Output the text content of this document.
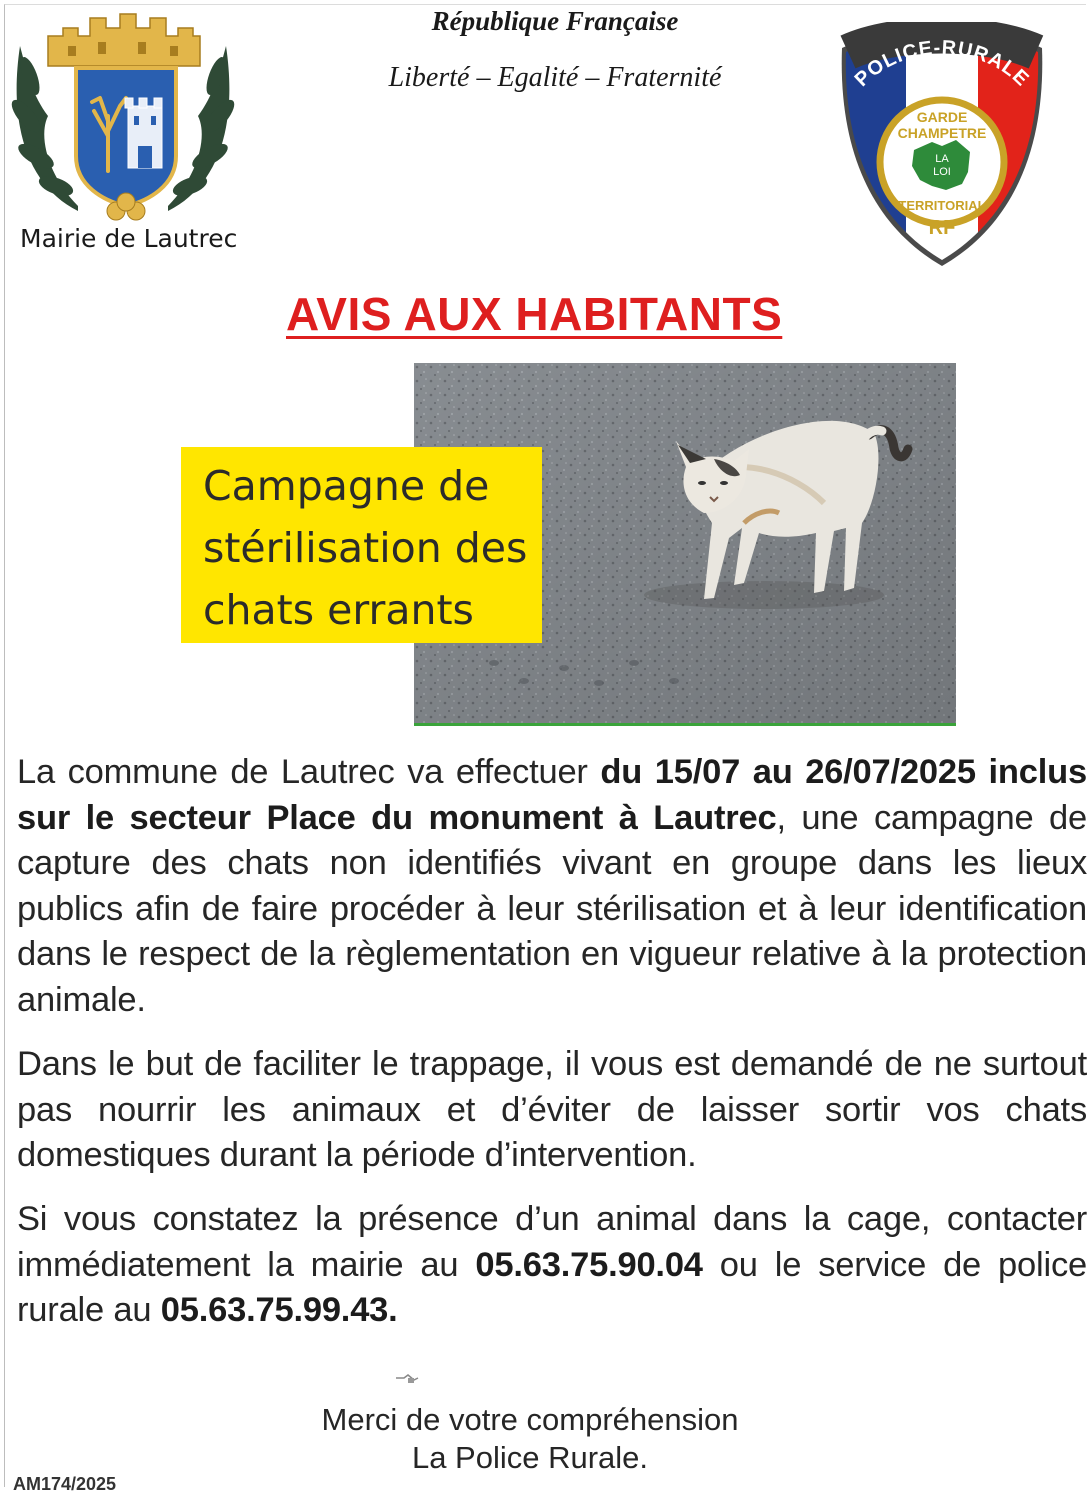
République Française
Liberté – Egalité – Fraternité
Mairie de Lautrec
POLICE-RURALE
GARDE
CHAMPETRE
LA
LOI
TERRITORIAL
RF
AVIS AUX HABITANTS
Campagne de
stérilisation des
chats errants
La commune de Lautrec va effectuer du 15/07 au 26/07/2025 inclus sur le secteur Place du monument à Lautrec, une campagne de capture des chats non identifiés vivant en groupe dans les lieux publics afin de faire procéder à leur stérilisation et à leur identification dans le respect de la règlementation en vigueur relative à la protection animale.
Dans le but de faciliter le trappage, il vous est demandé de ne surtout pas nourrir les animaux et d’éviter de laisser sortir vos chats domestiques durant la période d’intervention.
Si vous constatez la présence d’un animal dans la cage, contacter immédiatement la mairie au 05.63.75.90.04 ou le service de police rurale au 05.63.75.99.43.
Merci de votre compréhension
La Police Rurale.
AM174/2025
